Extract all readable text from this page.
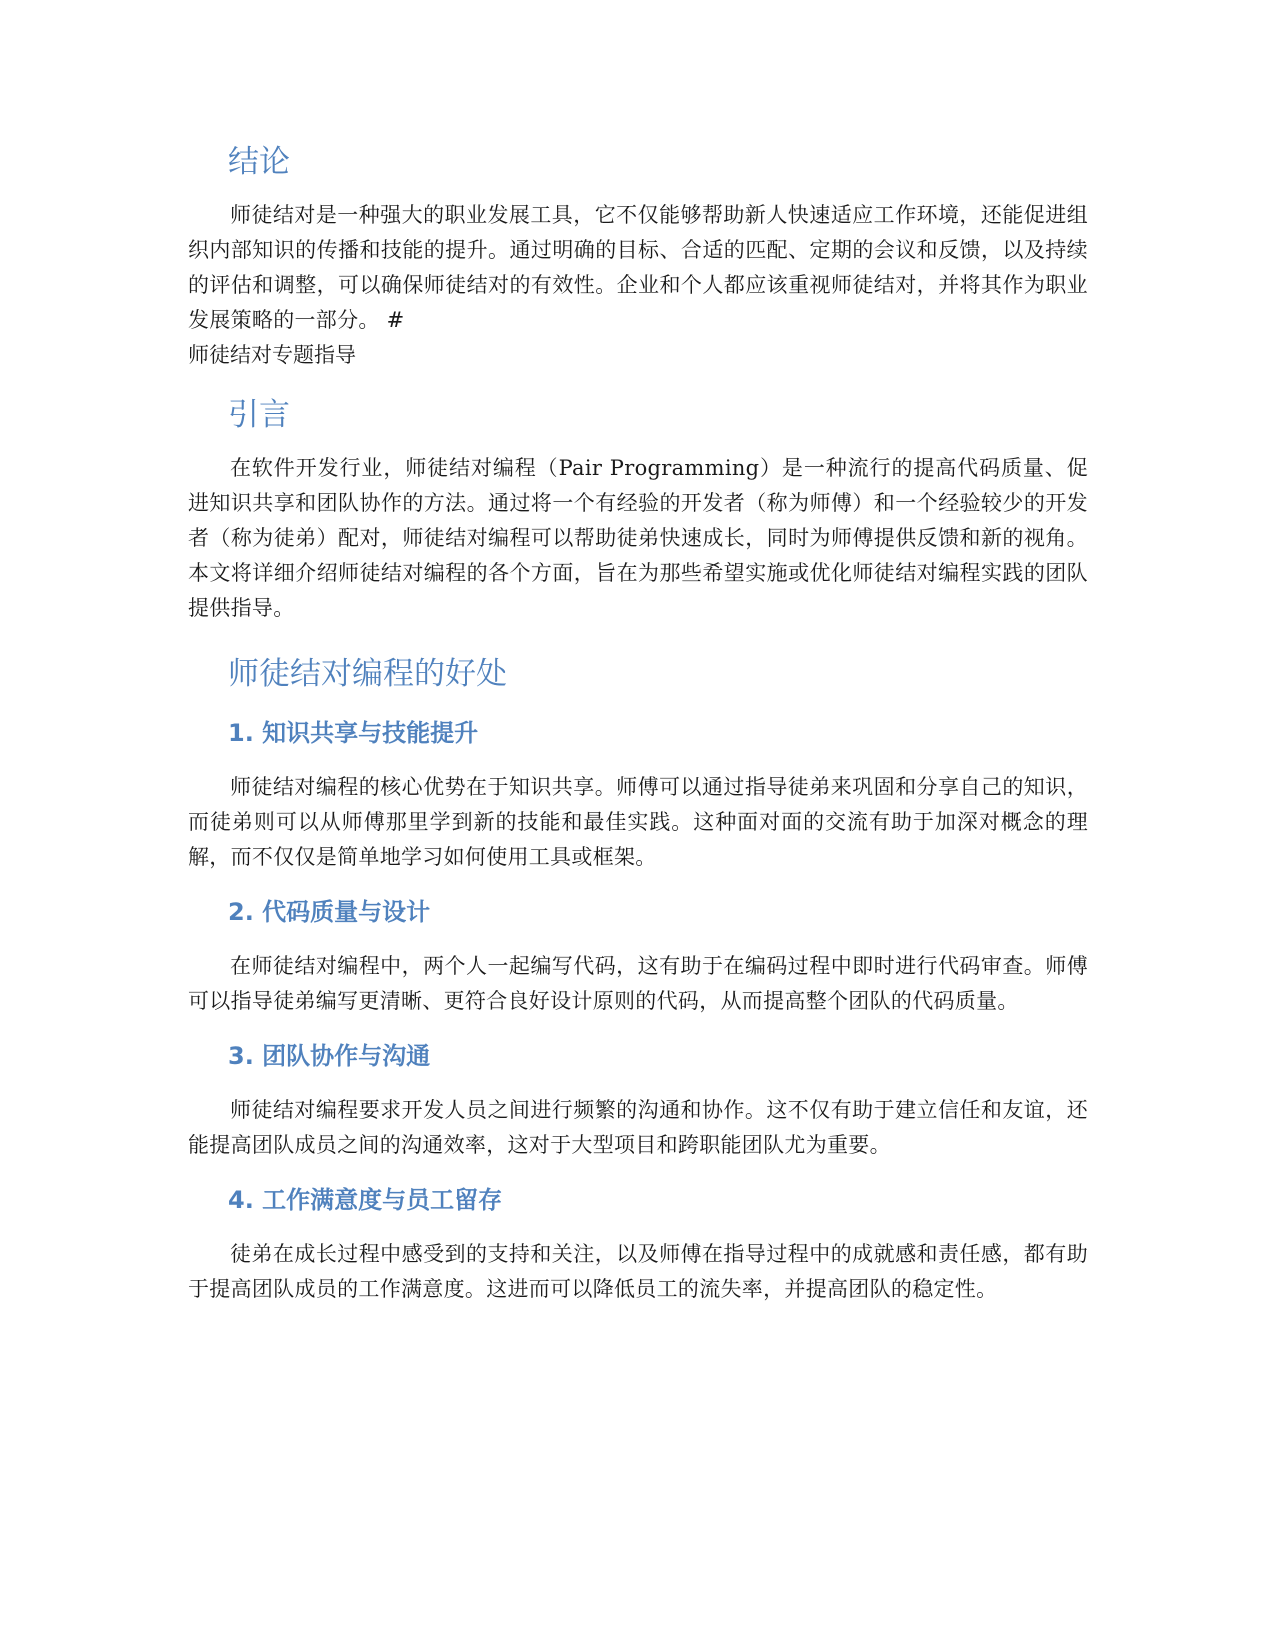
结论

师徒结对是一种强大的职业发展工具，它不仅能够帮助新人快速适应工作环境，还能促进组织内部知识的传播和技能的提升。通过明确的目标、合适的匹配、定期的会议和反馈，以及持续的评估和调整，可以确保师徒结对的有效性。企业和个人都应该重视师徒结对，并将其作为职业发展策略的一部分。 #

师徒结对专题指导

引言

在软件开发行业，师徒结对编程（Pair Programming）是一种流行的提高代码质量、促进知识共享和团队协作的方法。通过将一个有经验的开发者（称为师傅）和一个经验较少的开发者（称为徒弟）配对，师徒结对编程可以帮助徒弟快速成长，同时为师傅提供反馈和新的视角。本文将详细介绍师徒结对编程的各个方面，旨在为那些希望实施或优化师徒结对编程实践的团队提供指导。

师徒结对编程的好处
1. 知识共享与技能提升

师徒结对编程的核心优势在于知识共享。师傅可以通过指导徒弟来巩固和分享自己的知识，而徒弟则可以从师傅那里学到新的技能和最佳实践。这种面对面的交流有助于加深对概念的理解，而不仅仅是简单地学习如何使用工具或框架。

2. 代码质量与设计

在师徒结对编程中，两个人一起编写代码，这有助于在编码过程中即时进行代码审查。师傅可以指导徒弟编写更清晰、更符合良好设计原则的代码，从而提高整个团队的代码质量。

3. 团队协作与沟通

师徒结对编程要求开发人员之间进行频繁的沟通和协作。这不仅有助于建立信任和友谊，还能提高团队成员之间的沟通效率，这对于大型项目和跨职能团队尤为重要。

4. 工作满意度与员工留存

徒弟在成长过程中感受到的支持和关注，以及师傅在指导过程中的成就感和责任感，都有助于提高团队成员的工作满意度。这进而可以降低员工的流失率，并提高团队的稳定性。
